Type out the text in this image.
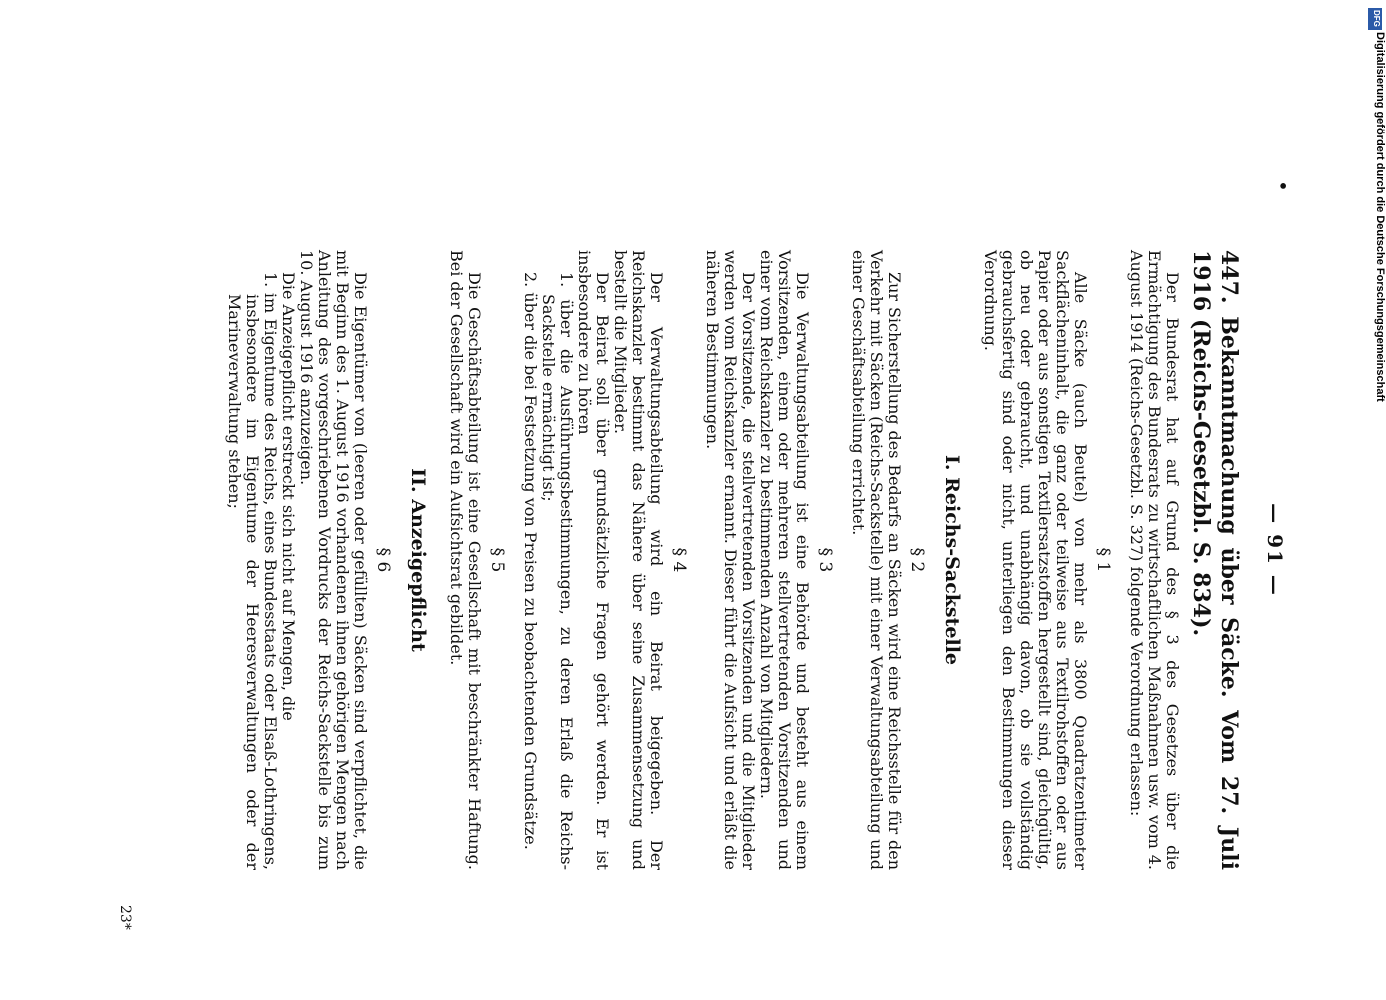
•
— 91 —
447. Bekanntmachung über Säcke. Vom 27. Juli 1916 (Reichs-Gesetzbl. S. 834).

Der Bundesrat hat auf Grund des § 3 des Gesetzes über die Ermächtigung des Bundesrats zu wirtschaftlichen Maßnahmen usw. vom 4. August 1914 (Reichs-Gesetzbl. S. 327) folgende Verordnung erlassen:

§ 1

Alle Säcke (auch Beutel) von mehr als 3800 Quadratzentimeter Sackflächeninhalt, die ganz oder teilweise aus Textilrohstoffen oder aus Papier oder aus sonstigen Textilersatzstoffen hergestellt sind, gleichgültig, ob neu oder gebraucht, und unabhängig davon, ob sie vollständig gebrauchsfertig sind oder nicht, unterliegen den Bestimmungen dieser Verordnung.

I. Reichs-Sackstelle
§ 2

Zur Sicherstellung des Bedarfs an Säcken wird eine Reichsstelle für den Verkehr mit Säcken (Reichs-Sackstelle) mit einer Verwaltungsabteilung und einer Geschäftsabteilung errichtet.

§ 3

Die Verwaltungsabteilung ist eine Behörde und besteht aus einem Vorsitzenden, einem oder mehreren stellvertretenden Vorsitzenden und einer vom Reichskanzler zu bestimmenden Anzahl von Mitgliedern.

Der Vorsitzende, die stellvertretenden Vorsitzenden und die Mitglieder werden vom Reichskanzler ernannt. Dieser führt die Aufsicht und erläßt die näheren Bestimmungen.

§ 4

Der Verwaltungsabteilung wird ein Beirat beigegeben. Der Reichskanzler bestimmt das Nähere über seine Zusammensetzung und bestellt die Mitglieder.

Der Beirat soll über grundsätzliche Fragen gehört werden. Er ist insbesondere zu hören

1. über die Ausführungsbestimmungen, zu deren Erlaß die Reichs-Sackstelle ermächtigt ist;
2. über die bei Festsetzung von Preisen zu beobachtenden Grundsätze.
§ 5

Die Geschäftsabteilung ist eine Gesellschaft mit beschränkter Haftung. Bei der Gesellschaft wird ein Aufsichtsrat gebildet.

II. Anzeigepflicht
§ 6

Die Eigentümer von (leeren oder gefüllten) Säcken sind verpflichtet, die mit Beginn des 1. August 1916 vorhandenen ihnen gehörigen Mengen nach Anleitung des vorgeschriebenen Vordrucks der Reichs-Sackstelle bis zum 10. August 1916 anzuzeigen.

Die Anzeigepflicht erstreckt sich nicht auf Mengen, die

1. im Eigentume des Reichs, eines Bundesstaats oder Elsaß-Lothringens, insbesondere im Eigentume der Heeresverwaltungen oder der Marineverwaltung stehen;
23*
DFG
Digitalisierung gefördert durch die Deutsche Forschungsgemeinschaft
